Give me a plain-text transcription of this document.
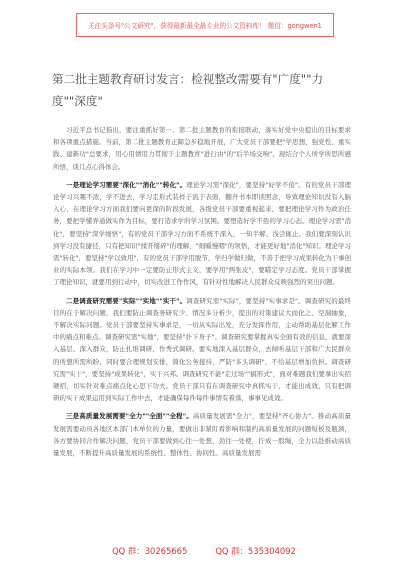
关注头条号"公文研究"，获得最新最全最专业的公文资料库！ 微信：gongwen1
第二批主题教育研讨发言：检视整改需要有"广度""力度""深度"

习近平总书记指出，要注重抓好第一、第二批主题教育的衔接联动，落实好党中央提出的目标要求和各项重点措施。当前，第二批主题教育正蹄急步稳地开展，广大党员干部要把"学思想、强党性、重实践、建新功"总要求，用心用情用力贯彻于主题教育"进行由"的"后半场交响"，现结合个人所学所思所感所悟，谈几点心得体会。

一是理论学习需要"深化""消化""转化"。理论学习需"深化"，要坚持"好学不倦"。有的党员干部理论学习兴趣不浓，学不进去，学习走形式装样子流于表面，翻开书本即读照念，导致理论知识没有入脑入心，在理论学习方面我们要向更深的阶段发展，各级党员干部要重视起来，要把理论学习作为政治任务，要把学懂弄通做实作为目标，要打造求学的学习氛围。要塑造好学不倦的学习心态。理论学习需"消化"，要坚持"深学细悟"，有的党员干部学习方面不系统不深入，一知半解、浅尝辄止。我们要深刻认识到学习没有捷径，只有把知识"揉开掰碎"的理解，"细嚼慢咽"的领悟，才能更好地"消化"知识。理论学习需"转化"，要坚持"学以致用"，有的党员干部学用脱节，学归学做归做，不善于把学习成果转化为干事创业的实际本领。我们在学习中一定要防止形式主义，要学用"两张皮"，要瞄定学习态度。党员干部掌握了理论知识，就要用到行动中，切实改进工作作风，有针对性地解决人民群众反映强烈的突出问题。

二是调查研究需要"实际""实地""实干"。调查研究需"实际"，要坚持"实事求是"。调查研究的最终目的在于解决问题，我们要防止调查务研究少、情况多分析少，提出的对策建议大而化之、空洞抽象，不解决实际问题。党员干部要坚持实事求是，一切从实际出发，充分发挥作用，主动帮助基层化解工作中的痛点和难点。调查研究需"实地"，要坚持"扑下身子"。调查研究要掌握真实全面有效的信息，就要深入基层、深入群众，防止扎堆调研，作秀式调研。要实地深入基层群众，去倾听基层干部和广大民群众的所想所需所盼，同时要合理规划安排，简化公务接待，严防"多头调研"，不给基层增加负担。调查研究需"实干"，要坚持"成果转化"，实干兴邦。调查研究不能"走过场""搞形式"，面对难题我们要拿出实招硬招，切实针对难点痛点化心思下功夫。党员干部只有在调查研究中真抓实干，才能出成效，只有把调研的实干成果运用到实际工作中去，才能确保每件每件事情有着落，事事见成效。

三是高质量发展需要"全力""全面""全程"。高质量发展需"全力"，要坚持"齐心协力"。推动高质量发展需要动员各地区本部门本单位的力量，要做出非紧盯看影响和制约高质量发展的问题短板及瓶颈，各方要协同合作解决问题，党员干部要做到心往一处想、劲往一处使，拧成一股绳，全力以赴推动高质量发展，不断提升高质量发展的系统性、整体性、协同性。高质量发展需

QQ 群：30265665	QQ 群：535304092
